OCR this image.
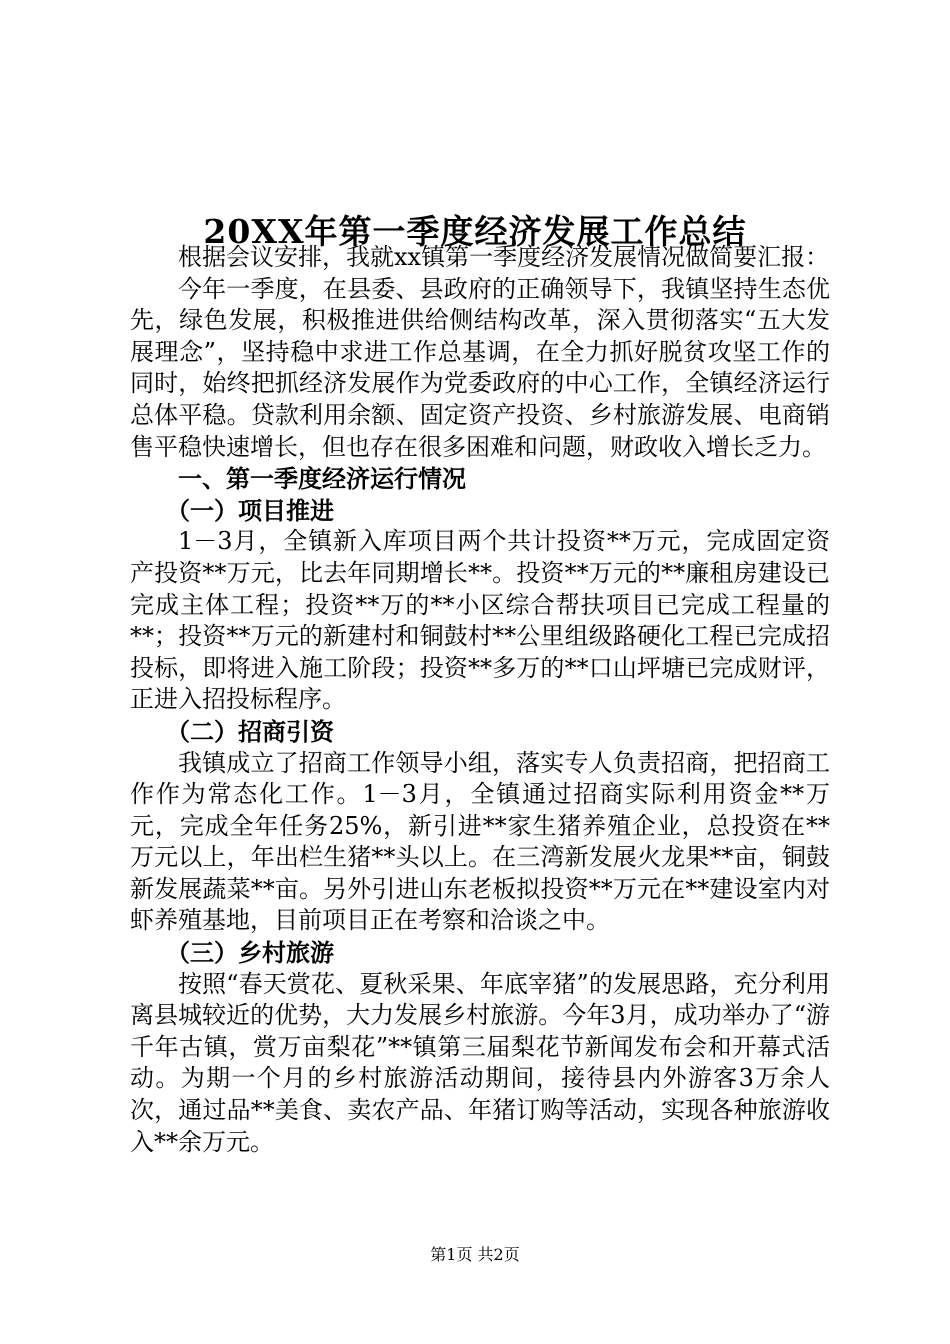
20XX年第一季度经济发展工作总结

根据会议安排，我就xx镇第一季度经济发展情况做简要汇报：

今年一季度，在县委、县政府的正确领导下，我镇坚持生态优先，绿色发展，积极推进供给侧结构改革，深入贯彻落实“五大发展理念”，坚持稳中求进工作总基调，在全力抓好脱贫攻坚工作的同时，始终把抓经济发展作为党委政府的中心工作，全镇经济运行总体平稳。贷款利用余额、固定资产投资、乡村旅游发展、电商销售平稳快速增长，但也存在很多困难和问题，财政收入增长乏力。

一、第一季度经济运行情况

（一）项目推进

1－3月，全镇新入库项目两个共计投资**万元，完成固定资产投资**万元，比去年同期增长**。投资**万元的**廉租房建设已完成主体工程；投资**万的**小区综合帮扶项目已完成工程量的**；投资**万元的新建村和铜鼓村**公里组级路硬化工程已完成招投标，即将进入施工阶段；投资**多万的**口山坪塘已完成财评，正进入招投标程序。

（二）招商引资

我镇成立了招商工作领导小组，落实专人负责招商，把招商工作作为常态化工作。1－3月，全镇通过招商实际利用资金**万元，完成全年任务25%，新引进**家生猪养殖企业，总投资在**万元以上，年出栏生猪**头以上。在三湾新发展火龙果**亩，铜鼓新发展蔬菜**亩。另外引进山东老板拟投资**万元在**建设室内对虾养殖基地，目前项目正在考察和洽谈之中。

（三）乡村旅游

按照“春天赏花、夏秋采果、年底宰猪”的发展思路，充分利用离县城较近的优势，大力发展乡村旅游。今年3月，成功举办了“游千年古镇，赏万亩梨花”**镇第三届梨花节新闻发布会和开幕式活动。为期一个月的乡村旅游活动期间，接待县内外游客3万余人次，通过品**美食、卖农产品、年猪订购等活动，实现各种旅游收入**余万元。

第1页 共2页
